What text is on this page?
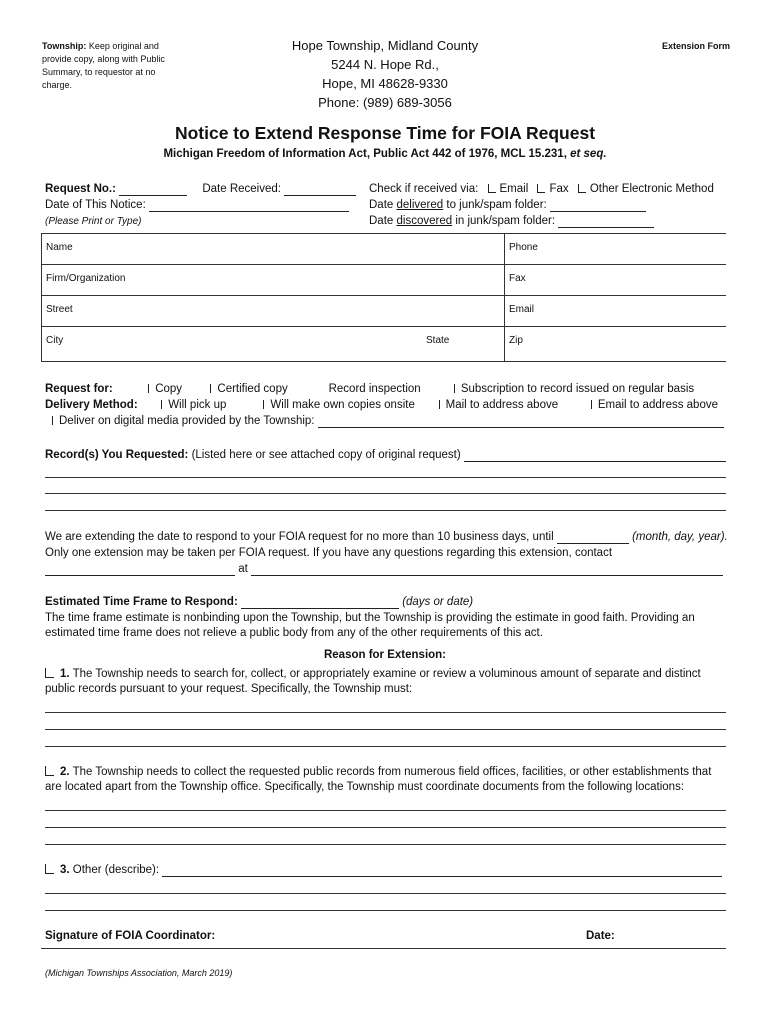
Township: Keep original and provide copy, along with Public Summary, to requestor at no charge.
Hope Township, Midland County
5244 N. Hope Rd.,
Hope, MI 48628-9330
Phone: (989) 689-3056
Extension Form
Notice to Extend Response Time for FOIA Request
Michigan Freedom of Information Act, Public Act 442 of 1976, MCL 15.231, et seq.
Request No.:	Date Received:
Date of This Notice:
(Please Print or Type)
Check if received via: Email Fax Other Electronic Method
Date delivered to junk/spam folder:
Date discovered in junk/spam folder:
Name	Phone
Firm/Organization	Fax
Street	Email
City	State	Zip
Request for:	Copy	Certified copy	Record inspection	Subscription to record issued on regular basis
Delivery Method:	Will pick up	Will make own copies onsite	Mail to address above	Email to address above
Deliver on digital media provided by the Township:
Record(s) You Requested: (Listed here or see attached copy of original request)
We are extending the date to respond to your FOIA request for no more than 10 business days, until	(month, day, year).
Only one extension may be taken per FOIA request. If you have any questions regarding this extension, contact
at
Estimated Time Frame to Respond:	(days or date)
The time frame estimate is nonbinding upon the Township, but the Township is providing the estimate in good faith. Providing an estimated time frame does not relieve a public body from any of the other requirements of this act.
Reason for Extension:
1. The Township needs to search for, collect, or appropriately examine or review a voluminous amount of separate and distinct public records pursuant to your request. Specifically, the Township must:
2. The Township needs to collect the requested public records from numerous field offices, facilities, or other establishments that are located apart from the Township office. Specifically, the Township must coordinate documents from the following locations:
3. Other (describe):
Signature of FOIA Coordinator:	Date:
(Michigan Townships Association, March 2019)
